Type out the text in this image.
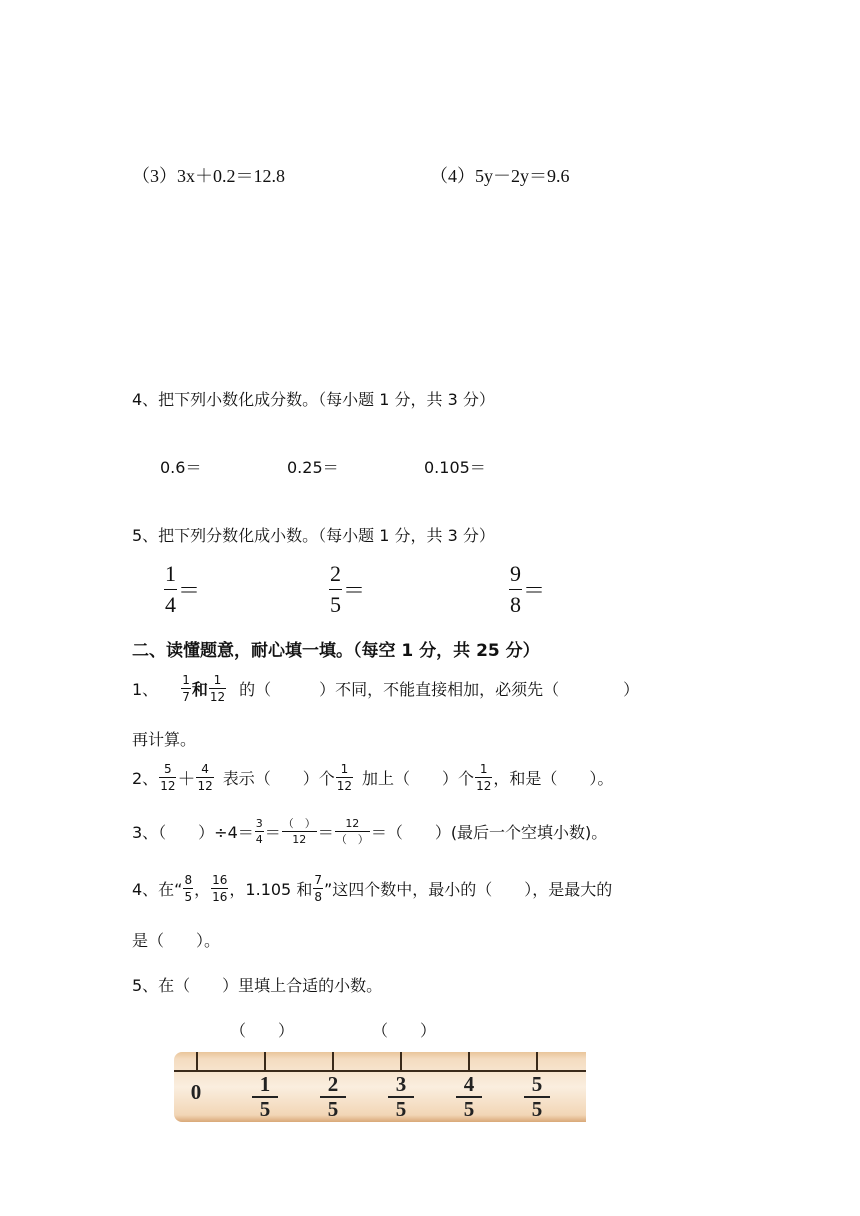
（3）3x＋0.2＝12.8	（4）5y－2y＝9.6
4、把下列小数化成分数。（每小题 1 分，共 3 分）
0.6＝	0.25＝	0.105＝
5、把下列分数化成小数。（每小题 1 分，共 3 分）
$\frac{1}{4}$ ＝	$\frac{2}{5}$ ＝	$\frac{9}{8}$ ＝
二、读懂题意，耐心填一填。（每空 1 分，共 25 分）
1、 $\frac{1}{7}$ 和 $\frac{1}{12}$ 的（　　　）不同，不能直接相加，必须先（　　　　）
再计算。
2、 $\frac{5}{12} + \frac{4}{12}$ 表示（　　）个 $\frac{1}{12}$ 加上（　　）个 $\frac{1}{12}$ ，和是（　　）。
3、（　　）$\div 4= \frac{3}{4} = \frac{( )}{12} = \frac{12}{( )}$ ＝（　　）(最后一个空填小数)。
4、在“ $\frac{8}{5}$ ， $\frac{16}{16}$ ，1.105 和 $\frac{7}{8}$ ”这四个数中，最小的（　　），是最大的
是（　　）。
5、在（　　）里填上合适的小数。
（　　）	（　　）
0	1
5
2
5
3
5
4
5
5
5
